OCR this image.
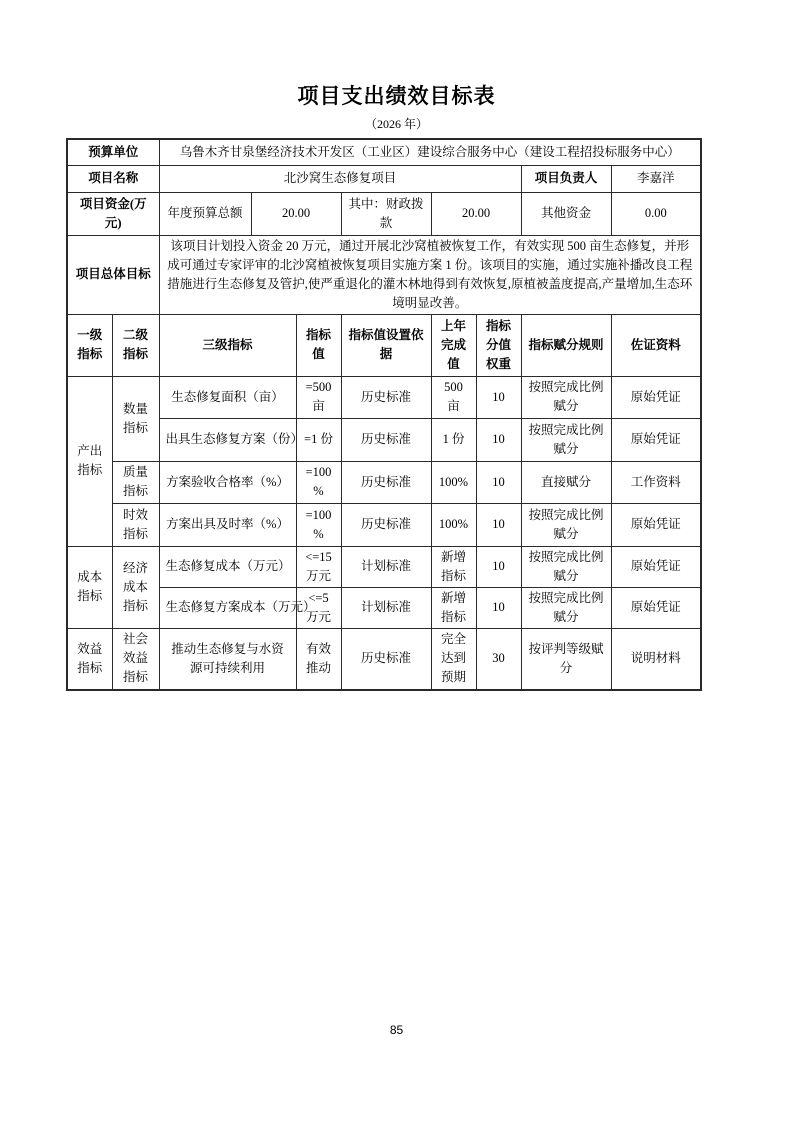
项目支出绩效目标表
（2026 年）
预算单位		乌鲁木齐甘泉堡经济技术开发区（工业区）建设综合服务中心（建设工程招投标服务中心）							
项目名称		北沙窝生态修复项目						项目负责人	李嘉洋
项目资金(万元)		年度预算总额	20.00		其中：财政拨款	20.00		其他资金	0.00
项目总体目标		该项目计划投入资金 20 万元，通过开展北沙窝植被恢复工作，有效实现 500 亩生态修复，并形成可通过专家评审的北沙窝植被恢复项目实施方案 1 份。该项目的实施，通过实施补播改良工程措施进行生态修复及管护,使严重退化的灌木林地得到有效恢复,原植被盖度提高,产量增加,生态环境明显改善。							
一级指标	二级指标	三级指标		指标值	指标值设置依据	上年完成值	指标分值权重	指标赋分规则	佐证资料
产出指标	数量指标	生态修复面积（亩）		=500 亩	历史标准	500 亩	10	按照完成比例赋分	原始凭证
		出具生态修复方案（份）		=1 份	历史标准	1 份	10	按照完成比例赋分	原始凭证
	质量指标	方案验收合格率（%）		=100%	历史标准	100%	10	直接赋分	工作资料
	时效指标	方案出具及时率（%）		=100%	历史标准	100%	10	按照完成比例赋分	原始凭证
成本指标	经济成本指标	生态修复成本（万元）		<=15 万元	计划标准	新增指标	10	按照完成比例赋分	原始凭证
		生态修复方案成本（万元）		<=5 万元	计划标准	新增指标	10	按照完成比例赋分	原始凭证
效益指标	社会效益指标	推动生态修复与水资源可持续利用		有效推动	历史标准	完全达到预期	30	按评判等级赋分	说明材料
85
